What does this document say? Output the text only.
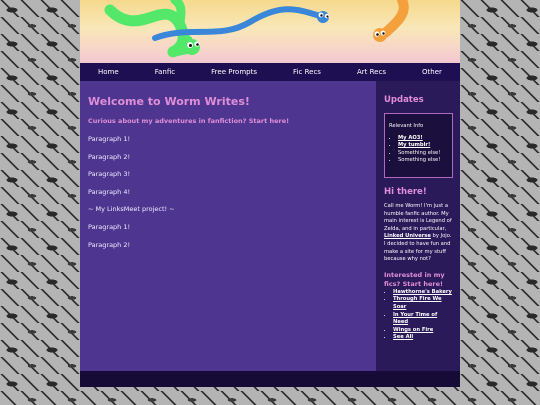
Home	Fanfic	Free Prompts	Fic Recs	Art Recs	Other
Welcome to Worm Writes!
Curious about my adventures in fanfiction? Start here!

Paragraph 1!

Paragraph 2!

Paragraph 3!

Paragraph 4!

~ My LinksMeet project! ~

Paragraph 1!

Paragraph 2!

Updates
Relevant Info
• My AO3!
• My tumblr!
• Something else!
• Something else!
Hi there!
Call me Worm! I'm just a humble fanfic author. My main interest is Legend of Zelda, and in particular, Linked Universe by Jojo. I decided to have fun and make a site for my stuff because why not?
Interested in my fics? Start here!
• Hawthorne's Bakery
• Through Fire We Soar
• In Your Time of Need
• Wings on Fire
• See All
